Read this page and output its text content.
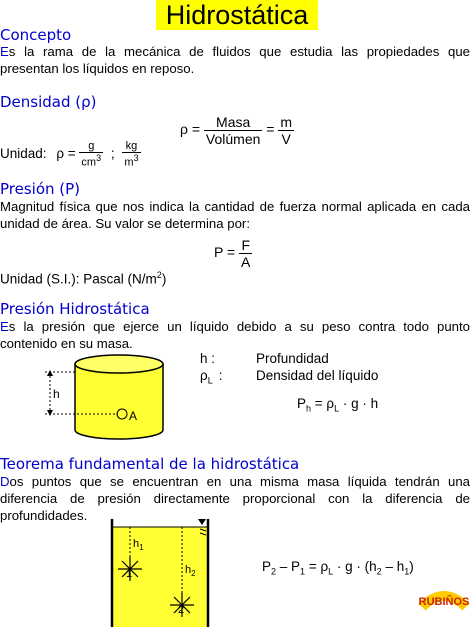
Hidrostática
Concepto
Es la rama de la mecánica de fluidos que estudia las propiedades que presentan los líquidos en reposo.
Densidad (ρ)
$\rho = \frac{\text{Masa}}{\text{Volúmen}} = \frac{m}{V}$
Unidad: $\rho = \frac{g}{cm^3}$ ; $\frac{kg}{m^3}$
Presión (P)
Magnitud física que nos indica la cantidad de fuerza normal aplicada en cada unidad de área. Su valor se determina por:
$P = \frac{F}{A}$
Unidad (S.I.): Pascal $(N/m^2)$
Presión Hidrostática
Es la presión que ejerce un líquido debido a su peso contra todo punto contenido en su masa.
h :	Profundidad
$\rho_L$ : Densidad del líquido
$P_h = \rho_L \cdot g \cdot h$
h
A
Teorema fundamental de la hidrostática
Dos puntos que se encuentran en una misma masa líquida tendrán una diferencia de presión directamente proporcional con la diferencia de profundidades.
$h_1$
$h_2$
1
2
$P_2 - P_1 = \rho_L \cdot g \cdot (h_2 - h_1)$
RUBIÑOS
